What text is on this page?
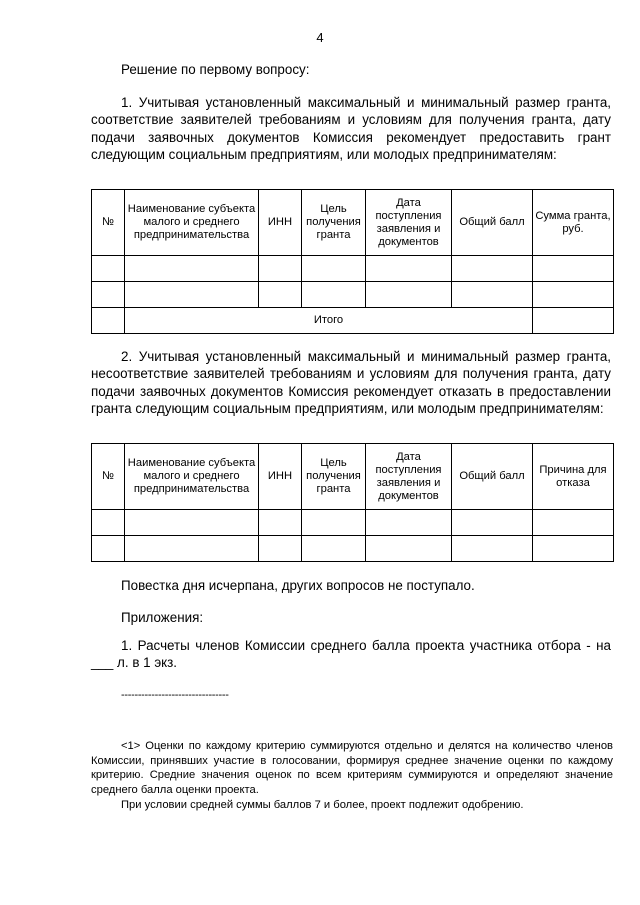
4

Решение по первому вопросу:

1. Учитывая установленный максимальный и минимальный размер гранта, соответствие заявителей требованиям и условиям для получения гранта, дату подачи заявочных документов Комиссия рекомендует предоставить грант следующим социальным предприятиям, или молодых предпринимателям:

№	Наименование субъекта малого и среднего предпринимательства	ИНН	Цель получения гранта	Дата поступления заявления и документов	Общий балл	Сумма гранта, руб.

	Итого					

2. Учитывая установленный максимальный и минимальный размер гранта, несоответствие заявителей требованиям и условиям для получения гранта, дату подачи заявочных документов Комиссия рекомендует отказать в предоставлении гранта следующим социальным предприятиям, или молодым предпринимателям:

№	Наименование субъекта малого и среднего предпринимательства	ИНН	Цель получения гранта	Дата поступления заявления и документов	Общий балл	Причина для отказа

Повестка дня исчерпана, других вопросов не поступало.

Приложения:

1. Расчеты членов Комиссии среднего балла проекта участника отбора - на ___ л. в 1 экз.

--------------------------------

<1> Оценки по каждому критерию суммируются отдельно и делятся на количество членов Комиссии, принявших участие в голосовании, формируя среднее значение оценки по каждому критерию. Средние значения оценок по всем критериям суммируются и определяют значение среднего балла оценки проекта.

При условии средней суммы баллов 7 и более, проект подлежит одобрению.
